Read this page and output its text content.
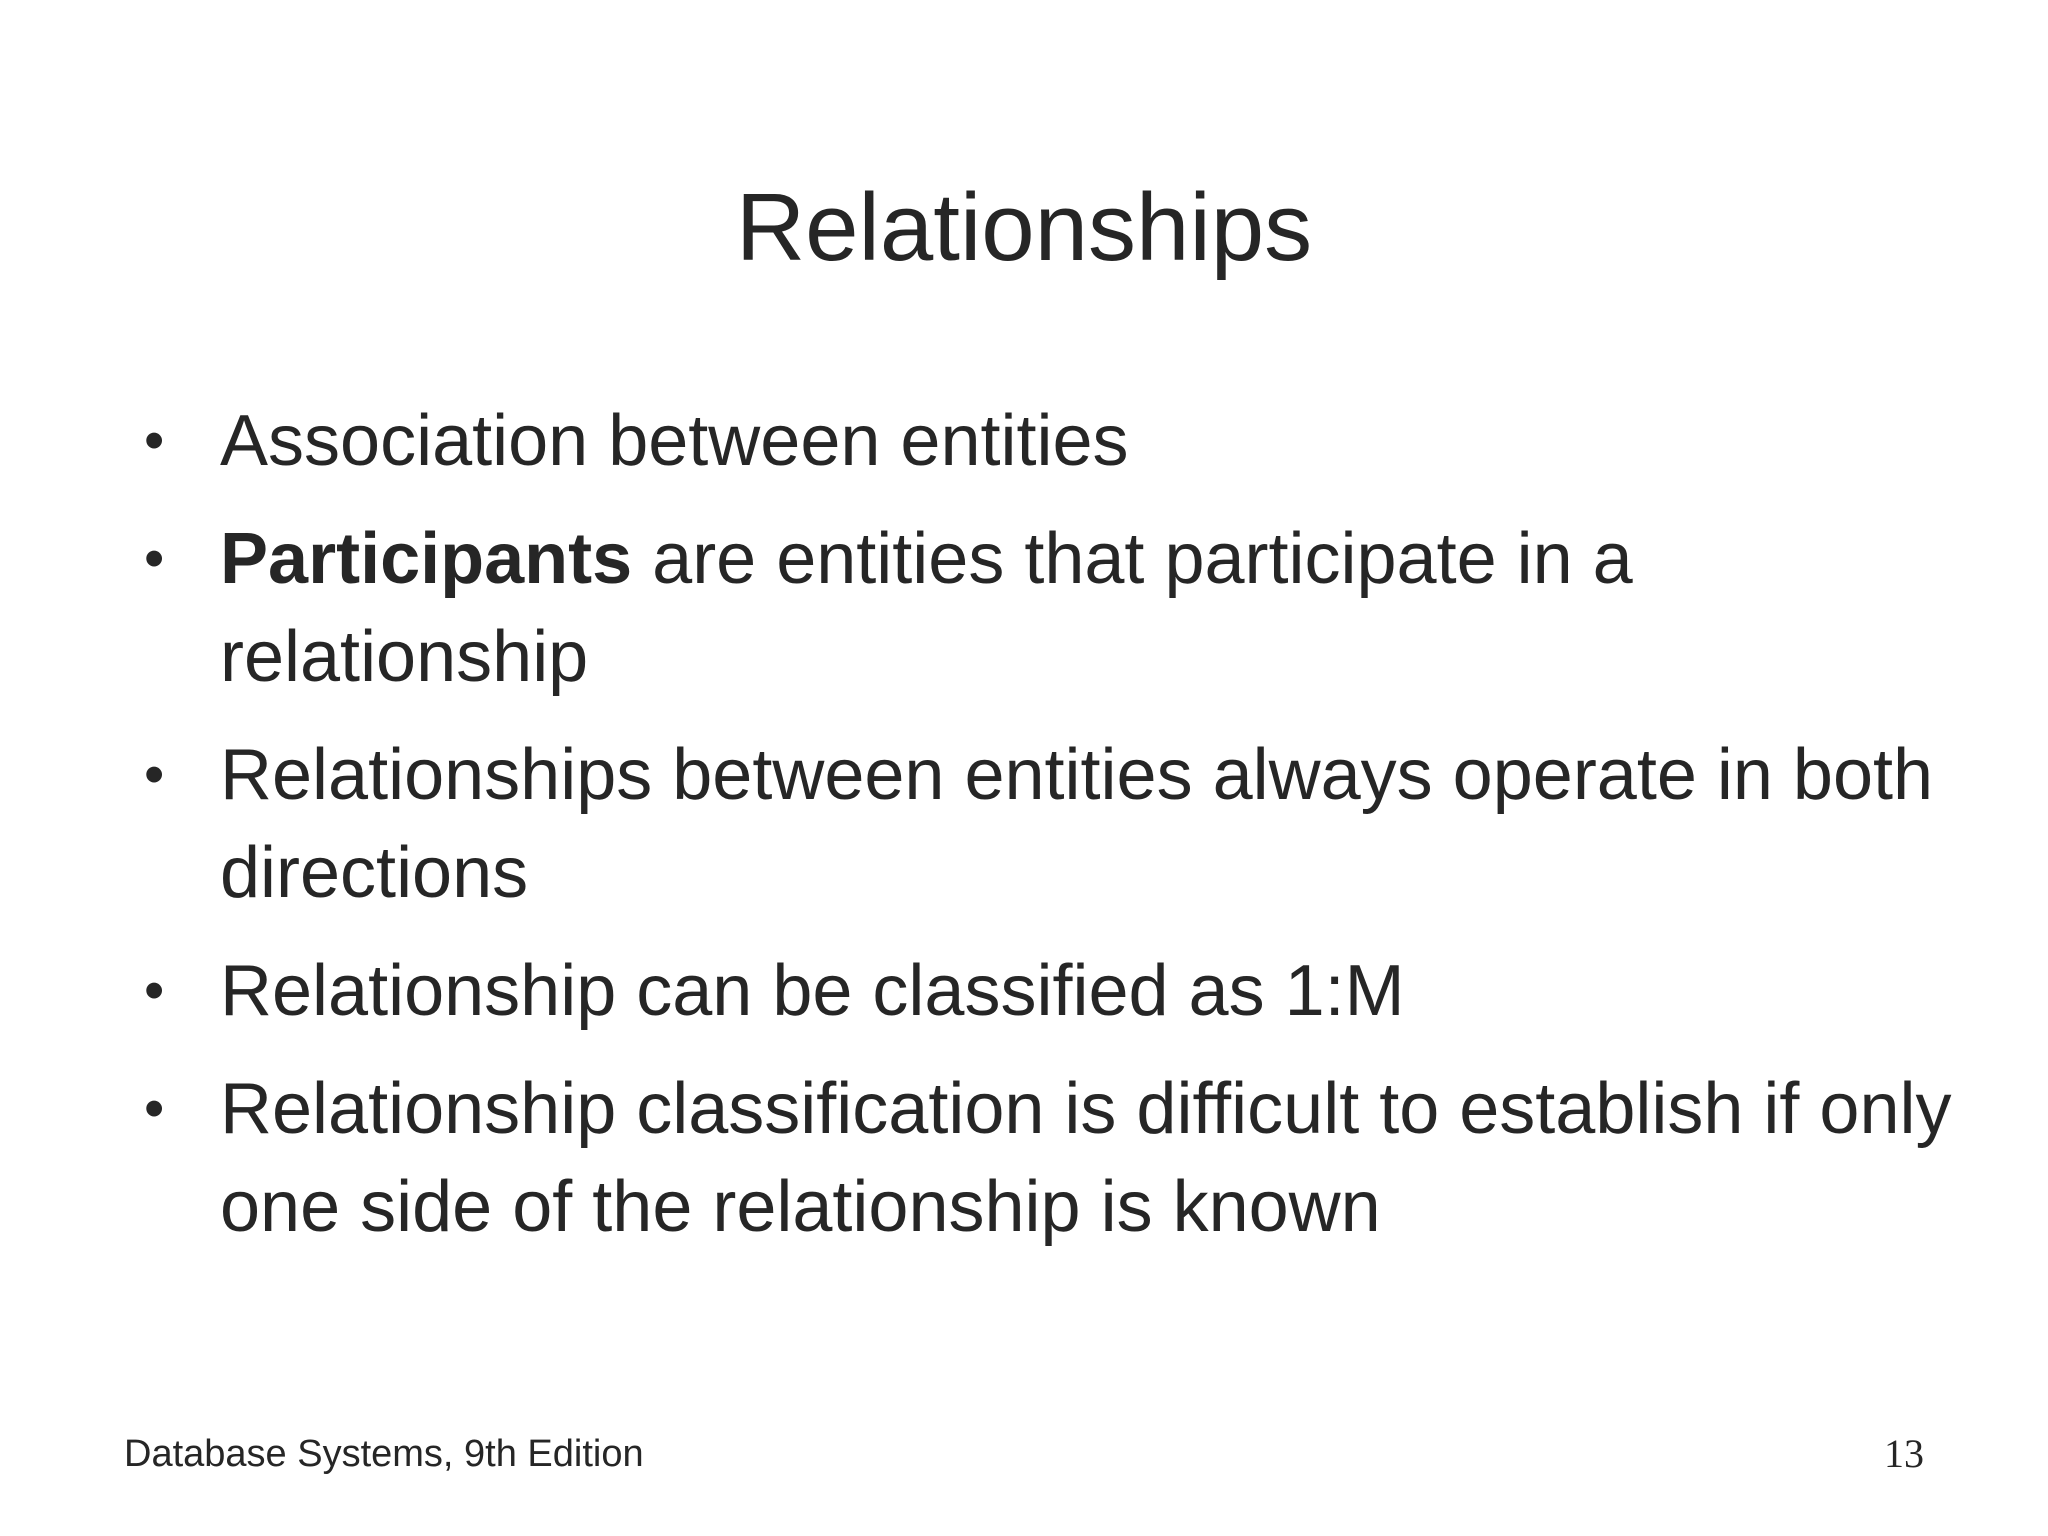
Relationships
• Association between entities
• Participants are entities that participate in a relationship
• Relationships between entities always operate in both directions
• Relationship can be classified as 1:M
• Relationship classification is difficult to establish if only one side of the relationship is known
Database Systems, 9th Edition	13
